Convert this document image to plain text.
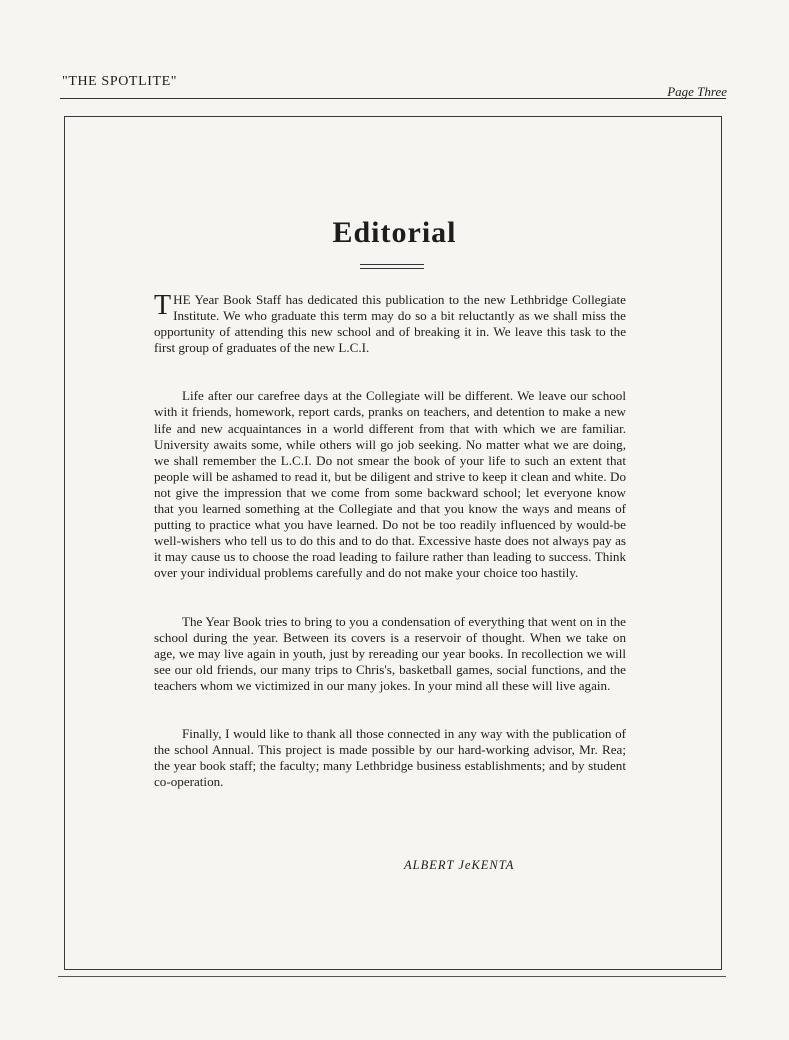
"THE SPOTLITE"
Page Three
Editorial

THE Year Book Staff has dedicated this publication to the new Lethbridge Collegiate Institute. We who graduate this term may do so a bit reluctantly as we shall miss the opportunity of attending this new school and of breaking it in. We leave this task to the first group of graduates of the new L.C.I.

Life after our carefree days at the Collegiate will be different. We leave our school with it friends, homework, report cards, pranks on teachers, and detention to make a new life and new acquaintances in a world different from that with which we are familiar. University awaits some, while others will go job seeking. No matter what we are doing, we shall remember the L.C.I. Do not smear the book of your life to such an extent that people will be ashamed to read it, but be diligent and strive to keep it clean and white. Do not give the impression that we come from some backward school; let everyone know that you learned something at the Collegiate and that you know the ways and means of putting to practice what you have learned. Do not be too readily influenced by would-be well-wishers who tell us to do this and to do that. Excessive haste does not always pay as it may cause us to choose the road leading to failure rather than leading to success. Think over your individual problems carefully and do not make your choice too hastily.

The Year Book tries to bring to you a condensation of everything that went on in the school during the year. Between its covers is a reservoir of thought. When we take on age, we may live again in youth, just by rereading our year books. In recollection we will see our old friends, our many trips to Chris's, basketball games, social functions, and the teachers whom we victimized in our many jokes. In your mind all these will live again.

Finally, I would like to thank all those connected in any way with the publication of the school Annual. This project is made possible by our hard-working advisor, Mr. Rea; the year book staff; the faculty; many Lethbridge business establishments; and by student co-operation.

ALBERT JeKENTA
